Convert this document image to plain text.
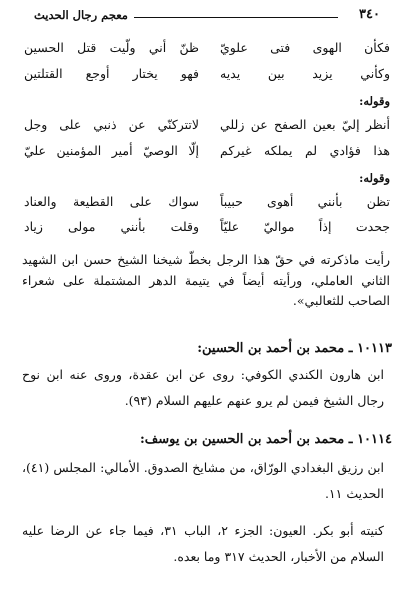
٣٤٠
معجم رجال الحديث
فكأن الهوى فتى علويّ
ظنّ أني ولّيت قتل الحسين
وكأني يزيد بين يديه
فهو يختار أوجع القتلتين
وقوله:
أنظر إليّ بعين الصفح عن زللي
لاتتركنّي عن ذنبي على وجل
هذا فؤادي لم يملكه غيركم
إلّا الوصيّ أمير المؤمنين عليّ
وقوله:
تظن بأنني أهوى حبيباً
سواك على القطيعة والعناد
جحدت إذاً مواليّ عليّاً
وقلت بأنني مولى زياد
رأيت ماذكرته في حقّ هذا الرجل بخطّ شيخنا الشيخ حسن ابن الشهيد الثاني العاملي، ورأيته أيضاً في يتيمة الدهر المشتملة على شعراء الصاحب للثعالبي».
١٠١١٣ ـ محمد بن أحمد بن الحسين:
ابن هارون الكندي الكوفي: روى عن ابن عقدة، وروى عنه ابن نوح رجال الشيخ فيمن لم يرو عنهم عليهم السلام (٩٣).
١٠١١٤ ـ محمد بن أحمد بن الحسين بن يوسف:
ابن رزيق البغدادي الورّاق، من مشايخ الصدوق. الأمالي: المجلس (٤١)، الحديث ١١.
كنيته أبو بكر. العيون: الجزء ٢، الباب ٣١، فيما جاء عن الرضا عليه السلام من الأخبار، الحديث ٣١٧ وما بعده.
